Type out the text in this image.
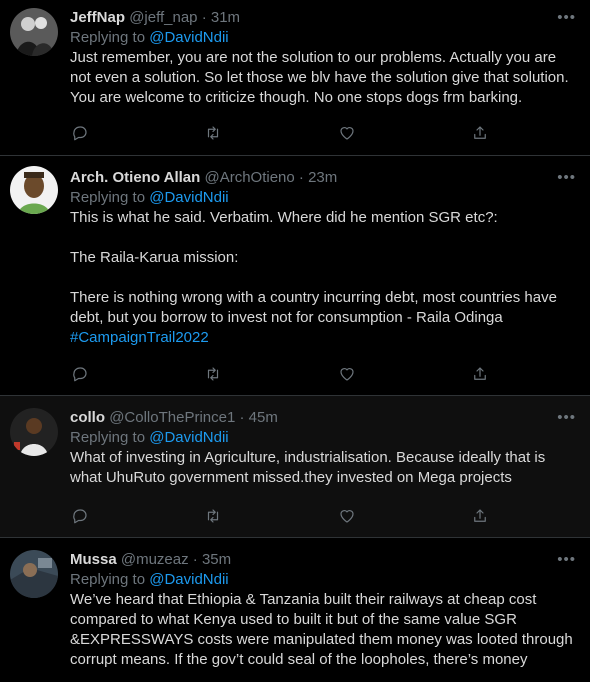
JeffNap @jeff_nap · 31m
Replying to @DavidNdii
Just remember, you are not the solution to our problems. Actually you are not even a solution. So let those we blv have the solution give that solution. You are welcome to criticize though. No one stops dogs frm barking.
•••
Arch. Otieno Allan @ArchOtieno · 23m
Replying to @DavidNdii
This is what he said. Verbatim. Where did he mention SGR etc?:

The Raila-Karua mission:

There is nothing wrong with a country incurring debt, most countries have debt, but you borrow to invest not for consumption - Raila Odinga
#CampaignTrail2022
•••
collo @ColloThePrince1 · 45m
Replying to @DavidNdii
What of investing in Agriculture, industrialisation. Because ideally that is what UhuRuto government missed.they invested on Mega projects
•••
Mussa @muzeaz · 35m
Replying to @DavidNdii
We’ve heard that Ethiopia & Tanzania built their railways at cheap cost compared to what Kenya used to built it but of the same value SGR &EXPRESSWAYS costs were manipulated them money was looted through corrupt means. If the gov’t could seal of the loopholes, there’s money
•••
